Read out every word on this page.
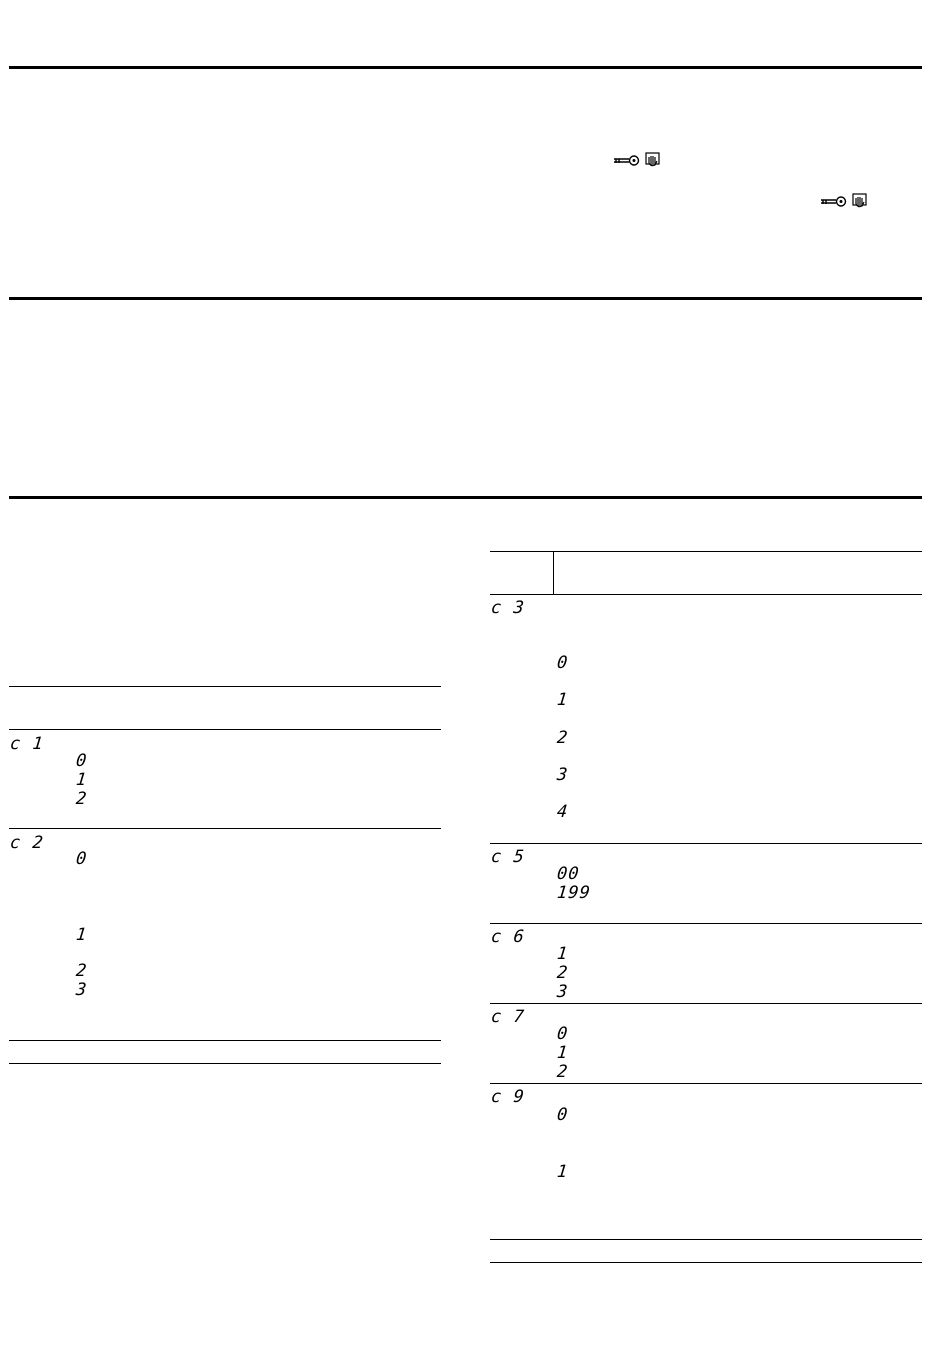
c 1
0
1
2
c 2
0
1
2
3
c 3
0
1
2
3
4
c 5
00
199
c 6
1
2
3
c 7
0
1
2
c 9
0
1
